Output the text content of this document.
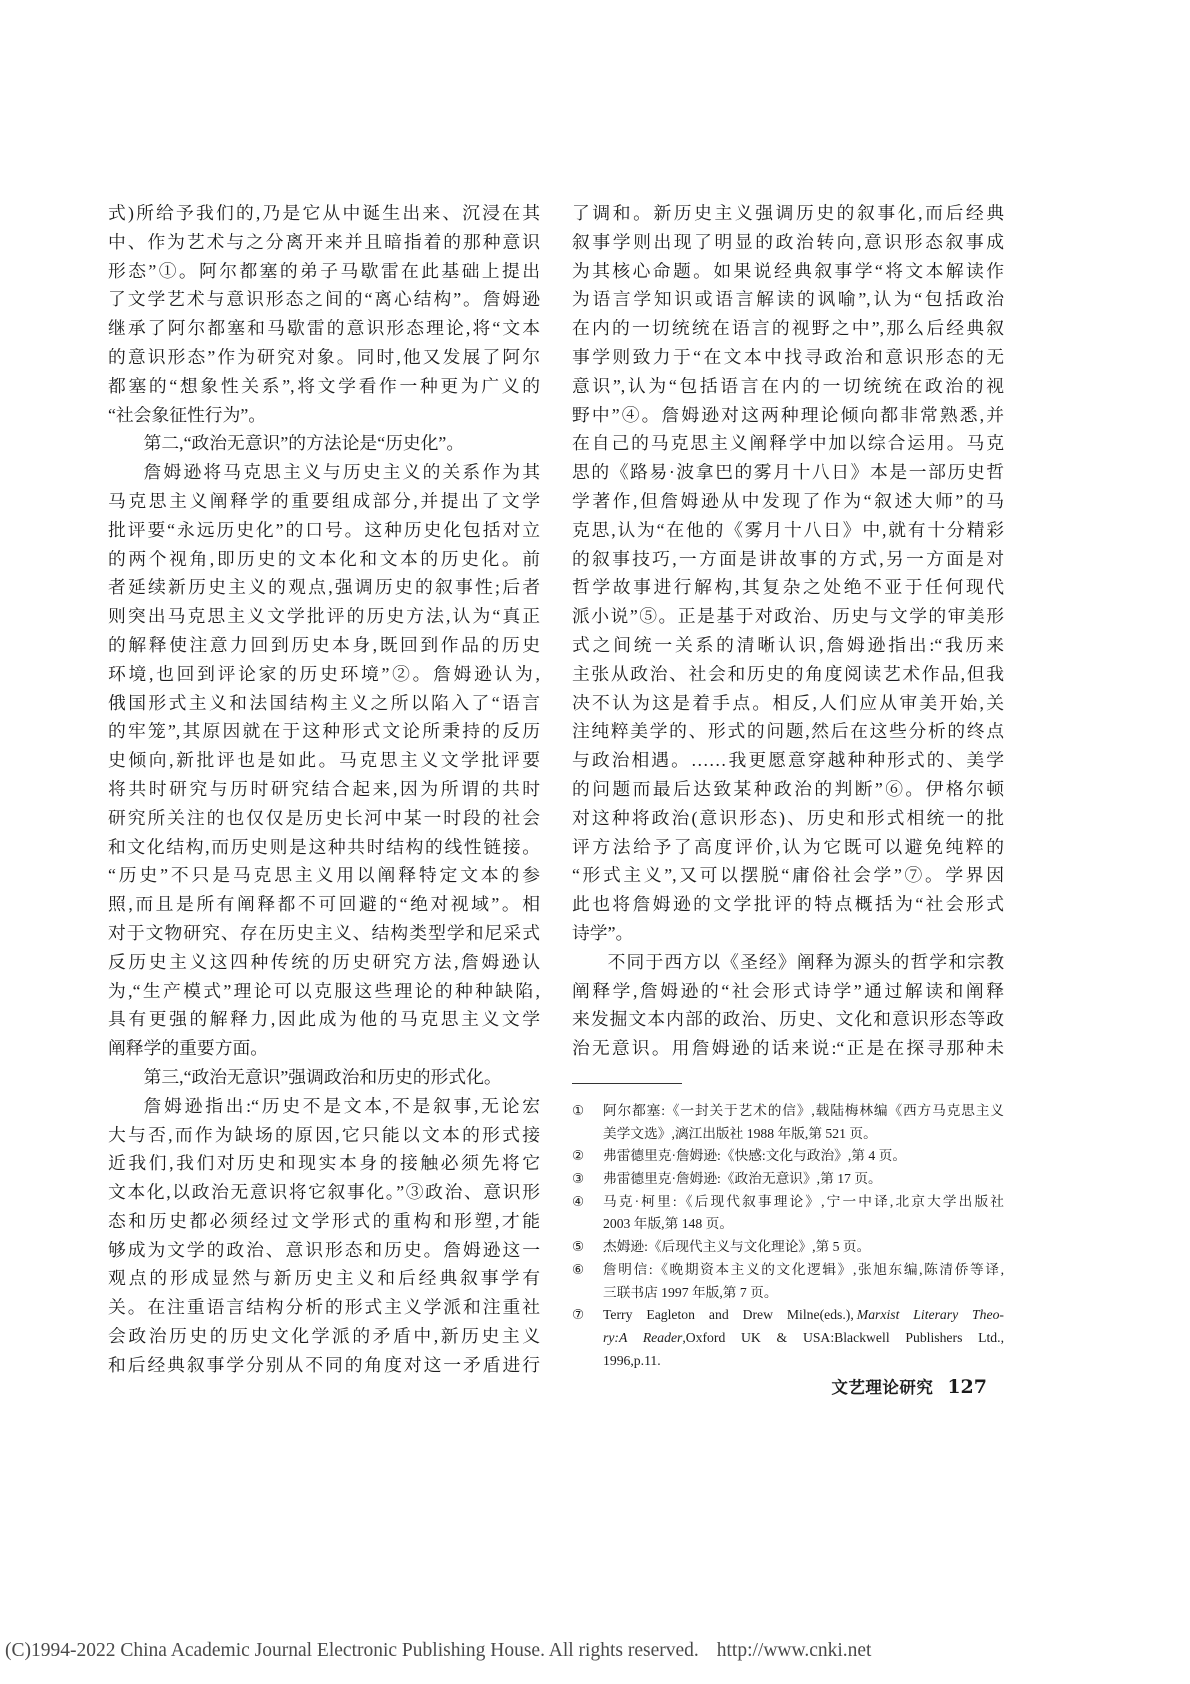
式)所给予我们的,乃是它从中诞生出来、沉浸在其
中、作为艺术与之分离开来并且暗指着的那种意识
形态”①。阿尔都塞的弟子马歇雷在此基础上提出
了文学艺术与意识形态之间的“离心结构”。詹姆逊
继承了阿尔都塞和马歇雷的意识形态理论,将“文本
的意识形态”作为研究对象。同时,他又发展了阿尔
都塞的“想象性关系”,将文学看作一种更为广义的
“社会象征性行为”。
第二,“政治无意识”的方法论是“历史化”。
詹姆逊将马克思主义与历史主义的关系作为其
马克思主义阐释学的重要组成部分,并提出了文学
批评要“永远历史化”的口号。这种历史化包括对立
的两个视角,即历史的文本化和文本的历史化。前
者延续新历史主义的观点,强调历史的叙事性;后者
则突出马克思主义文学批评的历史方法,认为“真正
的解释使注意力回到历史本身,既回到作品的历史
环境,也回到评论家的历史环境”②。詹姆逊认为,
俄国形式主义和法国结构主义之所以陷入了“语言
的牢笼”,其原因就在于这种形式文论所秉持的反历
史倾向,新批评也是如此。马克思主义文学批评要
将共时研究与历时研究结合起来,因为所谓的共时
研究所关注的也仅仅是历史长河中某一时段的社会
和文化结构,而历史则是这种共时结构的线性链接。
“历史”不只是马克思主义用以阐释特定文本的参
照,而且是所有阐释都不可回避的“绝对视域”。相
对于文物研究、存在历史主义、结构类型学和尼采式
反历史主义这四种传统的历史研究方法,詹姆逊认
为,“生产模式”理论可以克服这些理论的种种缺陷,
具有更强的解释力,因此成为他的马克思主义文学
阐释学的重要方面。
第三,“政治无意识”强调政治和历史的形式化。
詹姆逊指出:“历史不是文本,不是叙事,无论宏
大与否,而作为缺场的原因,它只能以文本的形式接
近我们,我们对历史和现实本身的接触必须先将它
文本化,以政治无意识将它叙事化。”③政治、意识形
态和历史都必须经过文学形式的重构和形塑,才能
够成为文学的政治、意识形态和历史。詹姆逊这一
观点的形成显然与新历史主义和后经典叙事学有
关。在注重语言结构分析的形式主义学派和注重社
会政治历史的历史文化学派的矛盾中,新历史主义
和后经典叙事学分别从不同的角度对这一矛盾进行
了调和。新历史主义强调历史的叙事化,而后经典
叙事学则出现了明显的政治转向,意识形态叙事成
为其核心命题。如果说经典叙事学“将文本解读作
为语言学知识或语言解读的讽喻”,认为“包括政治
在内的一切统统在语言的视野之中”,那么后经典叙
事学则致力于“在文本中找寻政治和意识形态的无
意识”,认为“包括语言在内的一切统统在政治的视
野中”④。詹姆逊对这两种理论倾向都非常熟悉,并
在自己的马克思主义阐释学中加以综合运用。马克
思的《路易·波拿巴的雾月十八日》本是一部历史哲
学著作,但詹姆逊从中发现了作为“叙述大师”的马
克思,认为“在他的《雾月十八日》中,就有十分精彩
的叙事技巧,一方面是讲故事的方式,另一方面是对
哲学故事进行解构,其复杂之处绝不亚于任何现代
派小说”⑤。正是基于对政治、历史与文学的审美形
式之间统一关系的清晰认识,詹姆逊指出:“我历来
主张从政治、社会和历史的角度阅读艺术作品,但我
决不认为这是着手点。相反,人们应从审美开始,关
注纯粹美学的、形式的问题,然后在这些分析的终点
与政治相遇。……我更愿意穿越种种形式的、美学
的问题而最后达致某种政治的判断”⑥。伊格尔顿
对这种将政治(意识形态)、历史和形式相统一的批
评方法给予了高度评价,认为它既可以避免纯粹的
“形式主义”,又可以摆脱“庸俗社会学”⑦。学界因
此也将詹姆逊的文学批评的特点概括为“社会形式
诗学”。
不同于西方以《圣经》阐释为源头的哲学和宗教
阐释学,詹姆逊的“社会形式诗学”通过解读和阐释
来发掘文本内部的政治、历史、文化和意识形态等政
治无意识。用詹姆逊的话来说:“正是在探寻那种未
①	阿尔都塞:《一封关于艺术的信》,载陆梅林编《西方马克思主义
美学文选》,漓江出版社 1988 年版,第 521 页。
②	弗雷德里克·詹姆逊:《快感:文化与政治》,第 4 页。
③	弗雷德里克·詹姆逊:《政治无意识》,第 17 页。
④	马克·柯里:《后现代叙事理论》,宁一中译,北京大学出版社
2003 年版,第 148 页。
⑤	杰姆逊:《后现代主义与文化理论》,第 5 页。
⑥	詹明信:《晚期资本主义的文化逻辑》,张旭东编,陈清侨等译,
三联书店 1997 年版,第 7 页。
⑦	Terry Eagleton and Drew Milne(eds.), Marxist Literary Theo-
ry:A Reader,Oxford UK & USA:Blackwell Publishers Ltd.,
1996,p.11.
文艺理论研究 127
(C)1994-2022 China Academic Journal Electronic Publishing House. All rights reserved. http://www.cnki.net
